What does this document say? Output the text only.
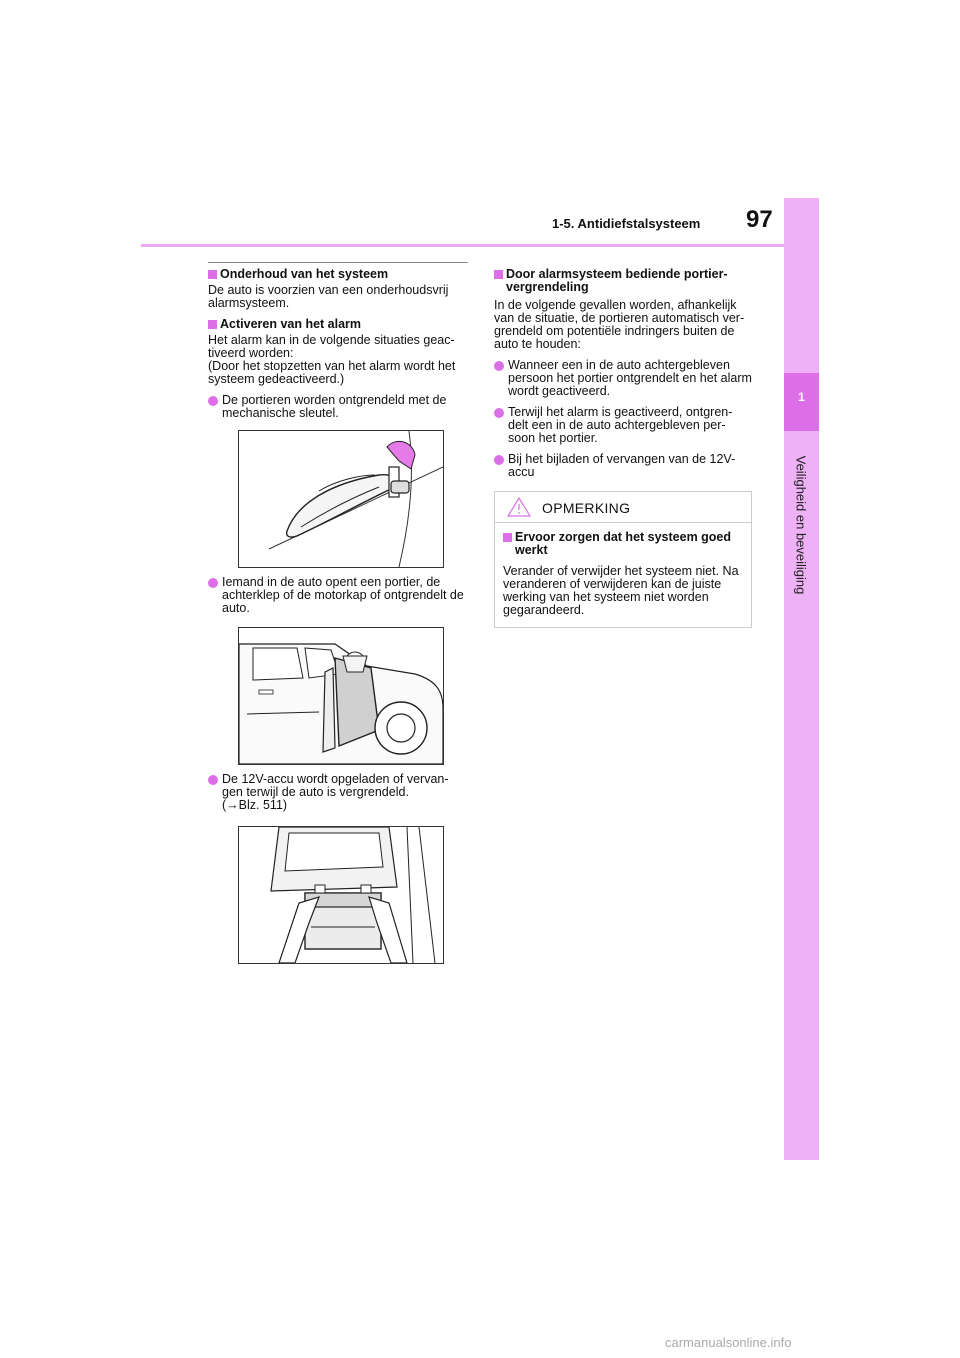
1-5. Antidiefstalsysteem 97
1
Veiligheid en beveiliging
Onderhoud van het systeem
De auto is voorzien van een onderhoudsvrij alarmsysteem.
Activeren van het alarm
Het alarm kan in de volgende situaties geac-tiveerd worden:
(Door het stopzetten van het alarm wordt het systeem gedeactiveerd.)
De portieren worden ontgrendeld met de mechanische sleutel.
Iemand in de auto opent een portier, de achterklep of de motorkap of ontgrendelt de auto.
De 12V-accu wordt opgeladen of vervan-gen terwijl de auto is vergrendeld.
(→Blz. 511)
Door alarmsysteem bediende portier-vergrendeling
In de volgende gevallen worden, afhankelijk van de situatie, de portieren automatisch ver-grendeld om potentiële indringers buiten de auto te houden:
Wanneer een in de auto achtergebleven persoon het portier ontgrendelt en het alarm wordt geactiveerd.
Terwijl het alarm is geactiveerd, ontgren-delt een in de auto achtergebleven per-soon het portier.
Bij het bijladen of vervangen van de 12V-accu
OPMERKING
Ervoor zorgen dat het systeem goed werkt
Verander of verwijder het systeem niet. Na veranderen of verwijderen kan de juiste werking van het systeem niet worden gegarandeerd.
carmanualsonline.info
